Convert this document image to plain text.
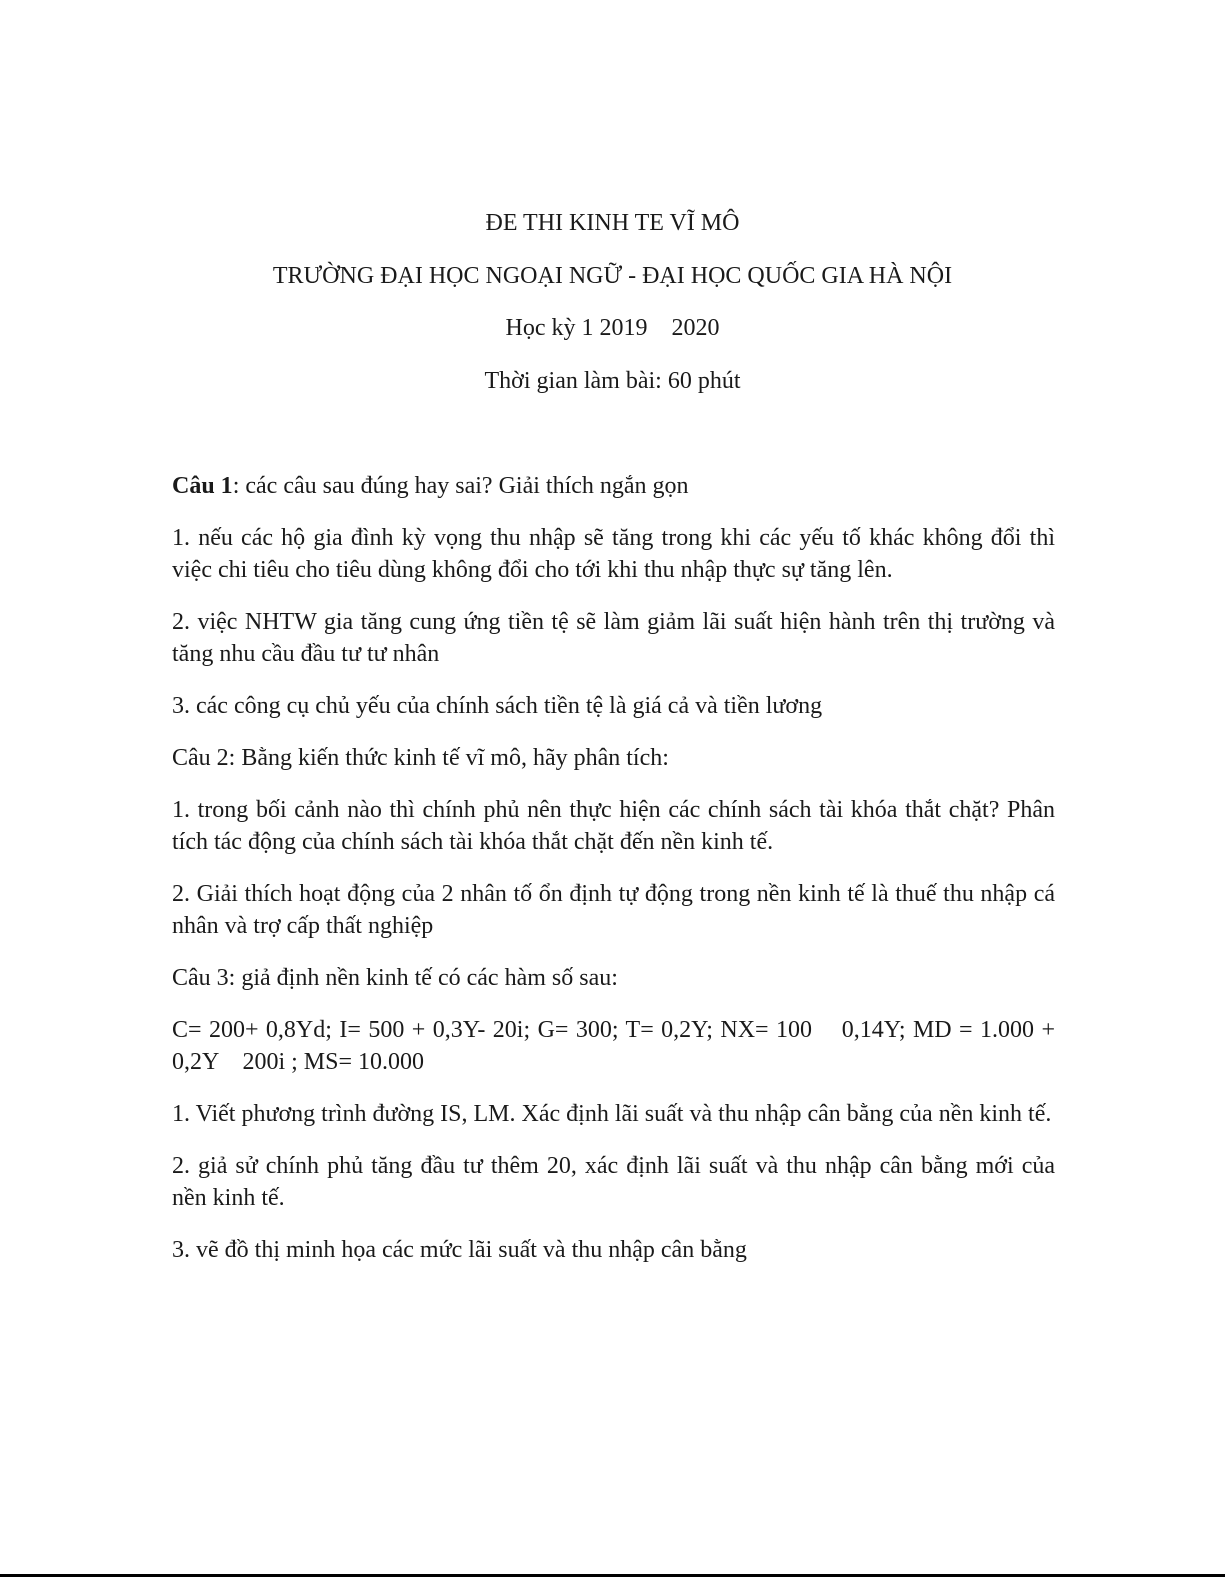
ĐE THI KINH TE VĨ MÔ
TRƯỜNG ĐẠI HỌC NGOẠI NGỮ - ĐẠI HỌC QUỐC GIA HÀ NỘI
Học kỳ 1 2019    2020
Thời gian làm bài: 60 phút

Câu 1: các câu sau đúng hay sai? Giải thích ngắn gọn

1. nếu các hộ gia đình kỳ vọng thu nhập sẽ tăng trong khi các yếu tố khác không đổi thì việc chi tiêu cho tiêu dùng không đổi cho tới khi thu nhập thực sự tăng lên.

2. việc NHTW gia tăng cung ứng tiền tệ sẽ làm giảm lãi suất hiện hành trên thị trường và tăng nhu cầu đầu tư tư nhân

3. các công cụ chủ yếu của chính sách tiền tệ là giá cả và tiền lương

Câu 2: Bằng kiến thức kinh tế vĩ mô, hãy phân tích:

1. trong bối cảnh nào thì chính phủ nên thực hiện các chính sách tài khóa thắt chặt? Phân tích tác động của chính sách tài khóa thắt chặt đến nền kinh tế.

2. Giải thích hoạt động của 2 nhân tố ổn định tự động trong nền kinh tế là thuế thu nhập cá nhân và trợ cấp thất nghiệp

Câu 3: giả định nền kinh tế có các hàm số sau:

C= 200+ 0,8Yd; I= 500 + 0,3Y- 20i; G= 300; T= 0,2Y; NX= 100    0,14Y; MD = 1.000 + 0,2Y    200i ; MS= 10.000

1. Viết phương trình đường IS, LM. Xác định lãi suất và thu nhập cân bằng của nền kinh tế.

2. giả sử chính phủ tăng đầu tư thêm 20, xác định lãi suất và thu nhập cân bằng mới của nền kinh tế.

3. vẽ đồ thị minh họa các mức lãi suất và thu nhập cân bằng
